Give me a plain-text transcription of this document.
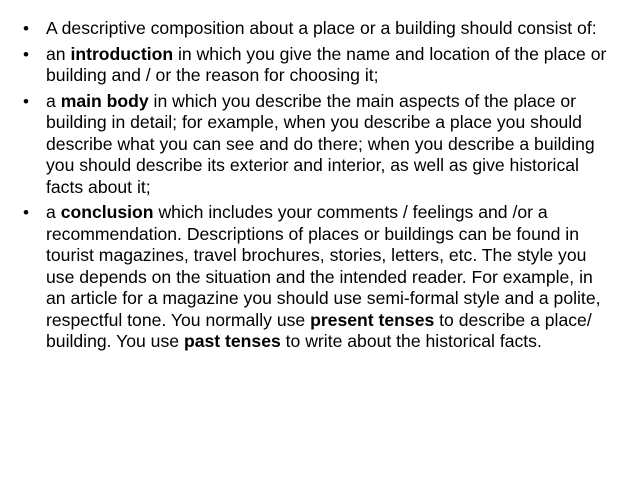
• A descriptive composition about a place or a building should consist of:
• an introduction in which you give the name and location of the place or building and / or the reason for choosing it;
• a main body in which you describe the main aspects of the place or building in detail; for example, when you describe a place you should describe what you can see and do there; when you describe a building you should describe its exterior and interior, as well as give historical facts about it;
• a conclusion which includes your comments / feelings and /or a recommendation. Descriptions of places or buildings can be found in tourist magazines, travel brochures, stories, letters, etc. The style you use depends on the situation and the intended reader. For example, in an article for a magazine you should use semi-formal style and a polite, respectful tone. You normally use present tenses to describe a place/ building. You use past tenses to write about the historical facts.
